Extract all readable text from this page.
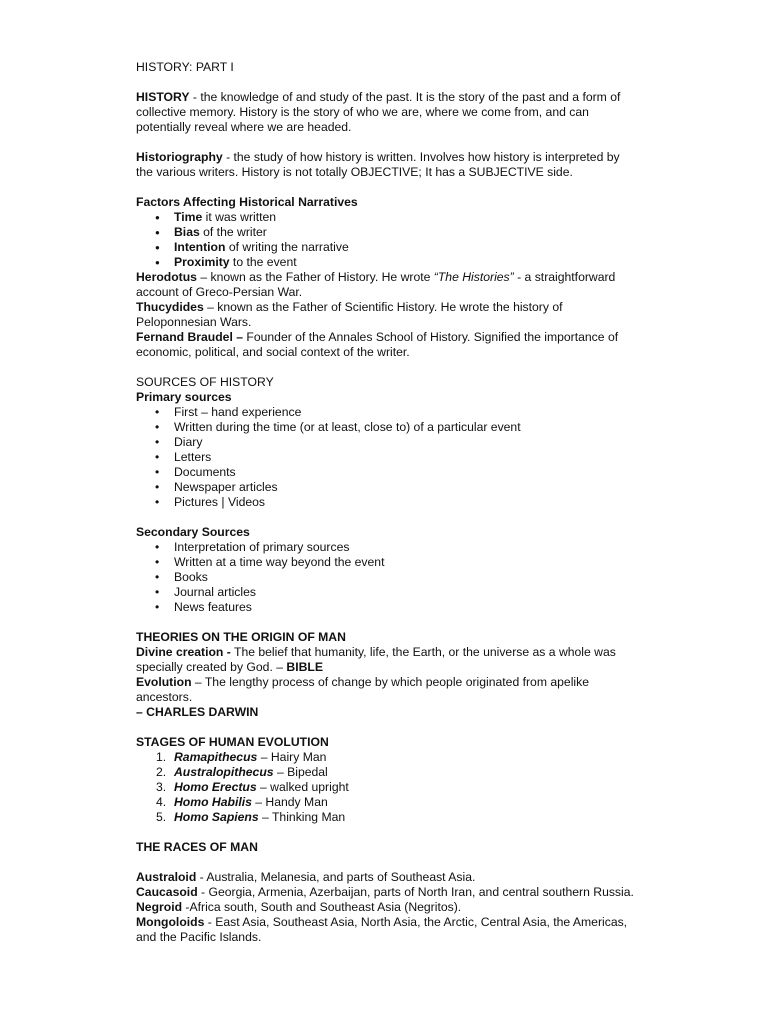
HISTORY: PART I

HISTORY - the knowledge of and study of the past. It is the story of the past and a form of collective memory. History is the story of who we are, where we come from, and can potentially reveal where we are headed.

Historiography - the study of how history is written. Involves how history is interpreted by the various writers. History is not totally OBJECTIVE; It has a SUBJECTIVE side.

Factors Affecting Historical Narratives

● Time it was written
● Bias of the writer
● Intention of writing the narrative
● Proximity to the event

Herodotus – known as the Father of History. He wrote “The Histories” - a straightforward account of Greco-Persian War.

Thucydides – known as the Father of Scientific History. He wrote the history of Peloponnesian Wars.

Fernand Braudel – Founder of the Annales School of History. Signified the importance of economic, political, and social context of the writer.

SOURCES OF HISTORY

Primary sources

• First – hand experience
• Written during the time (or at least, close to) of a particular event
• Diary
• Letters
• Documents
• Newspaper articles
• Pictures | Videos

Secondary Sources

• Interpretation of primary sources
• Written at a time way beyond the event
• Books
• Journal articles
• News features

THEORIES ON THE ORIGIN OF MAN

Divine creation - The belief that humanity, life, the Earth, or the universe as a whole was specially created by God. – BIBLE

Evolution – The lengthy process of change by which people originated from apelike ancestors.

– CHARLES DARWIN

STAGES OF HUMAN EVOLUTION

1. Ramapithecus – Hairy Man
2. Australopithecus – Bipedal
3. Homo Erectus – walked upright
4. Homo Habilis – Handy Man
5. Homo Sapiens – Thinking Man

THE RACES OF MAN

Australoid - Australia, Melanesia, and parts of Southeast Asia.

Caucasoid - Georgia, Armenia, Azerbaijan, parts of North Iran, and central southern Russia.

Negroid -Africa south, South and Southeast Asia (Negritos).

Mongoloids - East Asia, Southeast Asia, North Asia, the Arctic, Central Asia, the Americas, and the Pacific Islands.
